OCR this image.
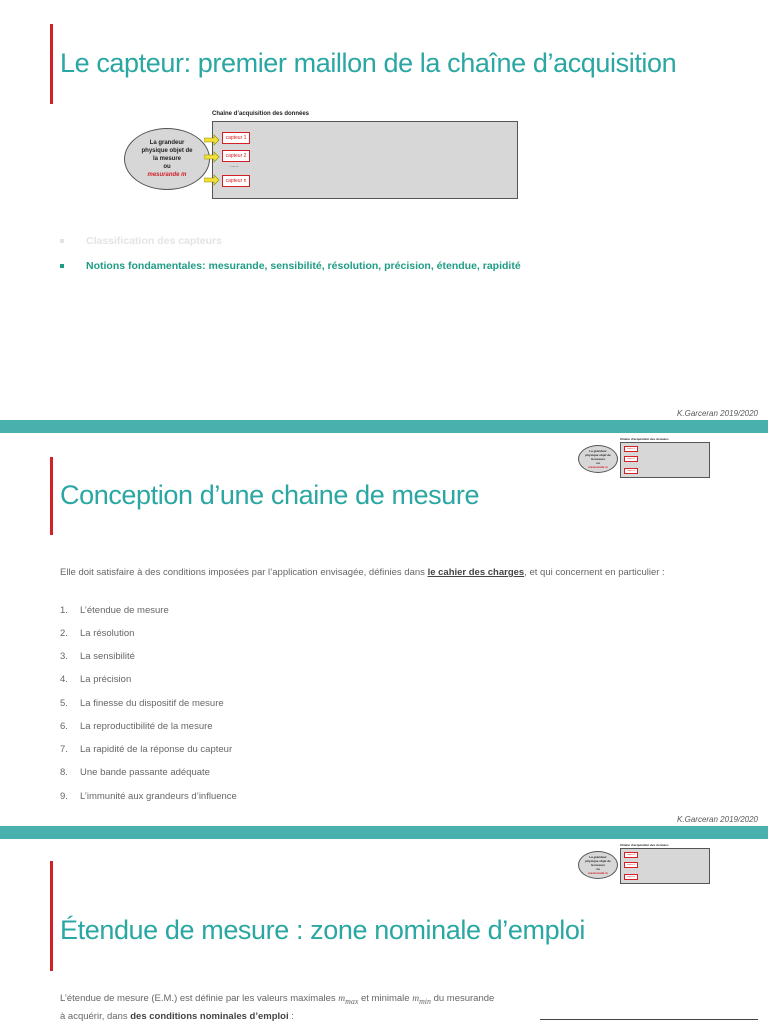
Le capteur: premier maillon de la chaîne d’acquisition
Chaîne d’acquisition des données
La grandeur
physique objet de
la mesure
ou
mesurande m
capteur 1
capteur 2
......
capteur n
Classification des capteurs
Notions fondamentales: mesurande, sensibilité, résolution, précision, étendue, rapidité
K.Garceran 2019/2020
Chaîne d’acquisition des données
La grandeur
physique objet de
la mesure
ou
mesurande m
capteur 1
capteur 2
capteur n
Conception d’une chaine de mesure
Elle doit satisfaire à des conditions imposées par l’application envisagée, définies dans le cahier des charges, et qui concernent en particulier :
1. L’étendue de mesure
2. La résolution
3. La sensibilité
4. La précision
5. La finesse du dispositif de mesure
6. La reproductibilité de la mesure
7. La rapidité de la réponse du capteur
8. Une bande passante adéquate
9. L’immunité aux grandeurs d’influence
K.Garceran 2019/2020
Chaîne d’acquisition des données
La grandeur
physique objet de
la mesure
ou
mesurande m
capteur 1
capteur 2
capteur n
Étendue de mesure : zone nominale d’emploi
L’étendue de mesure (E.M.) est définie par les valeurs maximales $m_{max}$ et minimale $m_{min}$ du mesurande à acquérir, dans des conditions nominales d’emploi :
